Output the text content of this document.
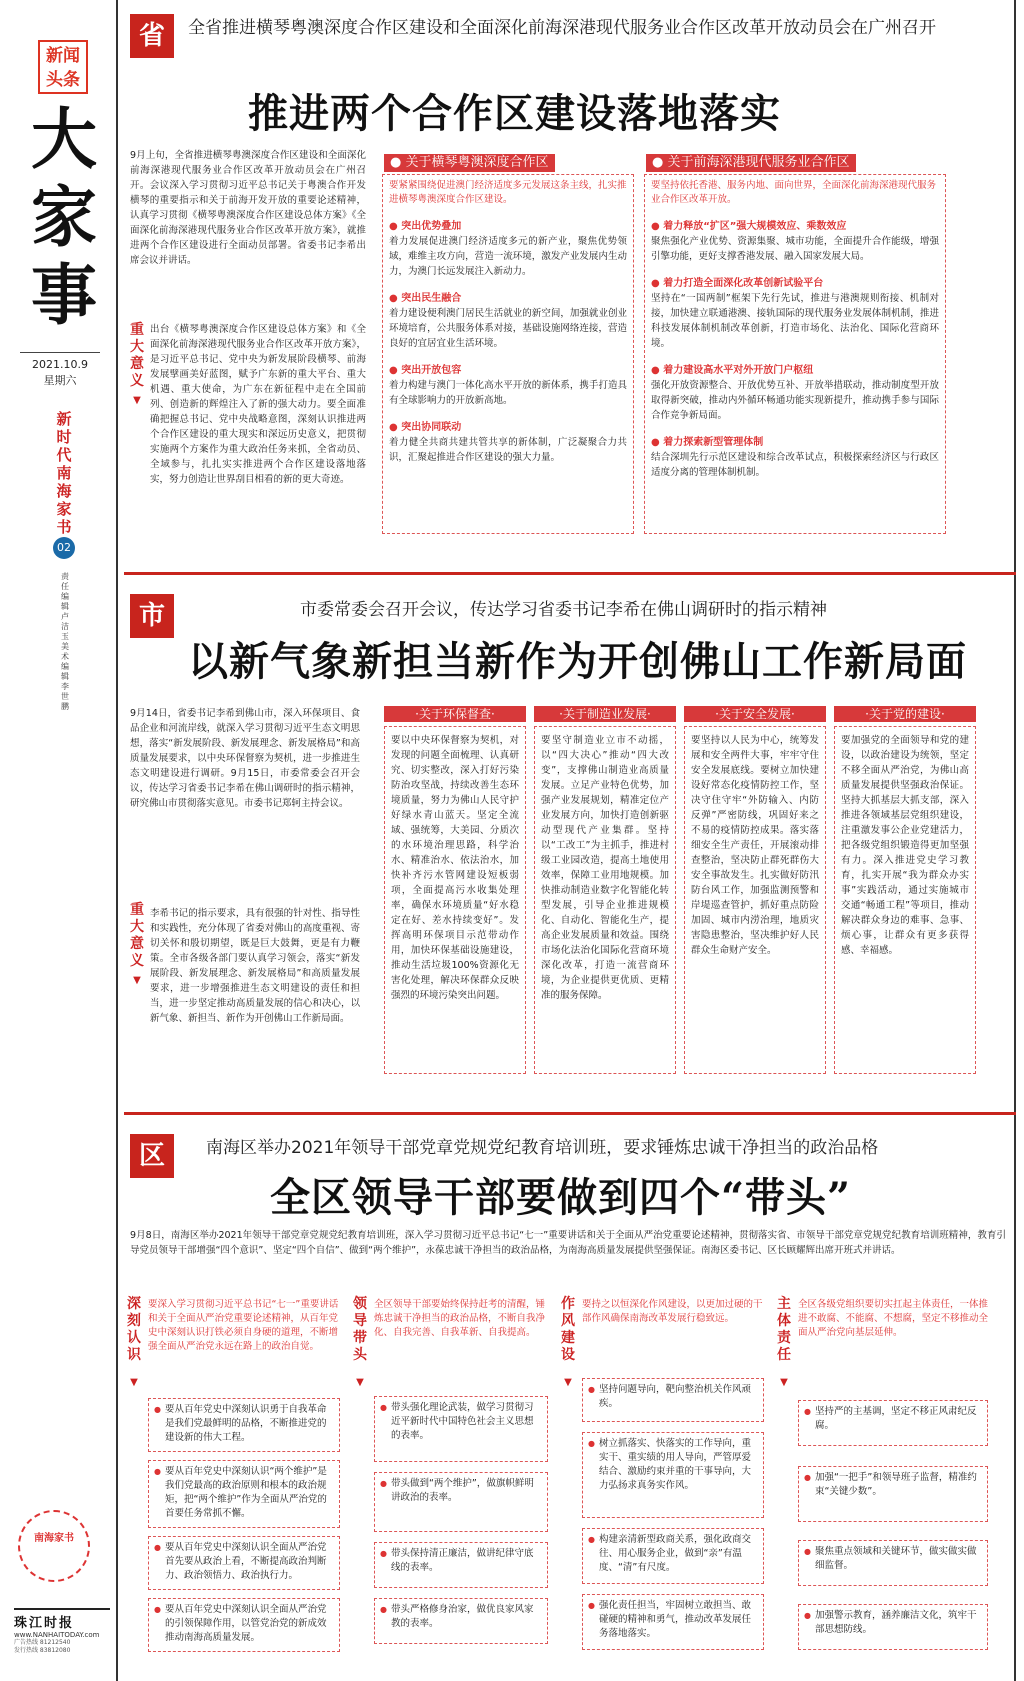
新闻
头条
大家事
2021.10.9
星期六
新时代南海家书
02
责任编辑 卢洁玉 美术编辑 李世鹏
南海家书
珠江时报
www.NANHAITODAY.com
广告热线 81212540
发行热线 83812080
省	全省推进横琴粤澳深度合作区建设和全面深化前海深港现代服务业合作区改革开放动员会在广州召开
推进两个合作区建设落地落实
9月上旬，全省推进横琴粤澳深度合作区建设和全面深化前海深港现代服务业合作区改革开放动员会在广州召开。会议深入学习贯彻习近平总书记关于粤澳合作开发横琴的重要指示和关于前海开发开放的重要论述精神，认真学习贯彻《横琴粤澳深度合作区建设总体方案》《全面深化前海深港现代服务业合作区改革开放方案》，就推进两个合作区建设进行全面动员部署。省委书记李希出席会议并讲话。
重大意义
▼
出台《横琴粤澳深度合作区建设总体方案》和《全面深化前海深港现代服务业合作区改革开放方案》，是习近平总书记、党中央为新发展阶段横琴、前海发展擘画美好蓝图，赋予广东新的重大平台、重大机遇、重大使命，为广东在新征程中走在全国前列、创造新的辉煌注入了新的强大动力。要全面准确把握总书记、党中央战略意图，深刻认识推进两个合作区建设的重大现实和深远历史意义，把贯彻实施两个方案作为重大政治任务来抓，全省动员、全域参与，扎扎实实推进两个合作区建设落地落实，努力创造让世界刮目相看的新的更大奇迹。
● 关于横琴粤澳深度合作区
要紧紧围绕促进澳门经济适度多元发展这条主线，扎实推进横琴粤澳深度合作区建设。
● 突出优势叠加
着力发展促进澳门经济适度多元的新产业，聚焦优势领域，难维主攻方向，营造一流环境，激发产业发展内生动力，为澳门长远发展注入新动力。
● 突出民生融合
着力建设便利澳门居民生活就业的新空间，加强就业创业环境培育，公共服务体系对接，基础设施网络连接，营造良好的宜居宜业生活环境。
● 突出开放包容
着力构建与澳门一体化高水平开放的新体系，携手打造具有全球影响力的开放新高地。
● 突出协同联动
着力健全共商共建共管共享的新体制，广泛凝聚合力共识，汇聚起推进合作区建设的强大力量。
● 关于前海深港现代服务业合作区
要坚持依托香港、服务内地、面向世界，全面深化前海深港现代服务业合作区改革开放。
● 着力释放“扩区”强大规模效应、乘数效应
聚焦强化产业优势、资源集聚、城市功能，全面提升合作能级，增强引擎功能，更好支撑香港发展、融入国家发展大局。
● 着力打造全面深化改革创新试验平台
坚持在“一国两制”框架下先行先试，推进与港澳规则衔接、机制对接，加快建立联通港澳、接轨国际的现代服务业发展体制机制，推进科技发展体制机制改革创新，打造市场化、法治化、国际化营商环境。
● 着力建设高水平对外开放门户枢纽
强化开放资源整合、开放优势互补、开放举措联动，推动制度型开放取得新突破，推动内外循环畅通功能实现新提升，推动携手参与国际合作竞争新局面。
● 着力探索新型管理体制
结合深圳先行示范区建设和综合改革试点，积极探索经济区与行政区适度分离的管理体制机制。
市	市委常委会召开会议，传达学习省委书记李希在佛山调研时的指示精神
以新气象新担当新作为开创佛山工作新局面
9月14日，省委书记李希到佛山市，深入环保项目、食品企业和河流岸线，就深入学习贯彻习近平生态文明思想，落实“新发展阶段、新发展理念、新发展格局”和高质量发展要求，以中央环保督察为契机，进一步推进生态文明建设进行调研。9月15日，市委常委会召开会议，传达学习省委书记李希在佛山调研时的指示精神，研究佛山市贯彻落实意见。市委书记郑轲主持会议。
重大意义
▼
李希书记的指示要求，具有很强的针对性、指导性和实践性，充分体现了省委对佛山的高度重视、寄切关怀和殷切期望，既是巨大鼓舞，更是有力鞭策。全市各级各部门要认真学习领会，落实“新发展阶段、新发展理念、新发展格局”和高质量发展要求，进一步增强推进生态文明建设的责任和担当，进一步坚定推动高质量发展的信心和决心，以新气象、新担当、新作为开创佛山工作新局面。
·关于环保督查·
要以中央环保督察为契机，对发现的问题全面梳理、认真研究、切实整改，深入打好污染防治攻坚战，持续改善生态环境质量，努力为佛山人民守护好绿水青山蓝天。坚定全流域、强统筹，大美园、分质次的水环境治理思路，科学治水、精准治水、依法治水，加快补齐污水管网建设短板弱项，全面提高污水收集处理率，确保水环境质量“好水稳定在好、差水持续变好”。发挥高明环保项目示范带动作用，加快环保基础设施建设，推动生活垃圾100%资源化无害化处理，解决环保群众反映强烈的环境污染突出问题。
·关于制造业发展·
要坚守制造业立市不动摇，以“四大决心”推动“四大改变”，支撑佛山制造业高质量发展。立足产业特色优势，加强产业发展规划，精准定位产业发展方向，加快打造创新驱动型现代产业集群。坚持以“工改工”为主抓手，推进村级工业园改造，提高土地使用效率，保障工业用地规模。加快推动制造业数字化智能化转型发展，引导企业推进规模化、自动化、智能化生产，提高企业发展质量和效益。围绕市场化法治化国际化营商环境深化改革，打造一流营商环境，为企业提供更优质、更精准的服务保障。
·关于安全发展·
要坚持以人民为中心，统筹发展和安全两件大事，牢牢守住安全发展底线。要树立加快建设好常态化疫情防控工作，坚决守住守牢“外防输入、内防反弹”严密防线，巩固好来之不易的疫情防控成果。落实落细安全生产责任，开展滚动排查整治，坚决防止群死群伤大安全事故发生。扎实做好防汛防台风工作，加强监测预警和岸堤巡查管护，抓好重点防险加固、城市内涝治理，地质灾害隐患整治，坚决维护好人民群众生命财产安全。
·关于党的建设·
要加强党的全面领导和党的建设，以政治建设为统领，坚定不移全面从严治党，为佛山高质量发展提供坚强政治保证。坚持大抓基层大抓支部，深入推进各领域基层党组织建设，注重激发事公企业党建活力，把各级党组织锻造得更加坚强有力。深入推进党史学习教育，扎实开展“我为群众办实事”实践活动，通过实施城市交通“畅通工程”等项目，推动解决群众身边的难事、急事、烦心事，让群众有更多获得感、幸福感。
区	南海区举办2021年领导干部党章党规党纪教育培训班，要求锤炼忠诚干净担当的政治品格
全区领导干部要做到四个“带头”
9月8日，南海区举办2021年领导干部党章党规党纪教育培训班，深入学习贯彻习近平总书记“七一”重要讲话和关于全面从严治党重要论述精神，贯彻落实省、市领导干部党章党规党纪教育培训班精神，教育引导党员领导干部增强“四个意识”、坚定“四个自信”、做到“两个维护”，永葆忠诚干净担当的政治品格，为南海高质量发展提供坚强保证。南海区委书记、区长顾耀辉出席开班式并讲话。
深刻认识
▼
要深入学习贯彻习近平总书记“七一”重要讲话和关于全面从严治党重要论述精神，从百年党史中深刻认识打铁必须自身硬的道理，不断增强全面从严治党永远在路上的政治自觉。
● 要从百年党史中深刻认识勇于自我革命是我们党最鲜明的品格，不断推进党的建设新的伟大工程。
● 要从百年党史中深刻认识“两个维护”是我们党最高的政治原则和根本的政治规矩，把“两个维护”作为全面从严治党的首要任务常抓不懈。
● 要从百年党史中深刻认识全面从严治党首先要从政治上看，不断提高政治判断力、政治领悟力、政治执行力。
● 要从百年党史中深刻认识全面从严治党的引领保障作用，以管党治党的新成效推动南海高质量发展。
领导带头
▼
全区领导干部要始终保持赶考的清醒，锤炼忠诚干净担当的政治品格，不断自我净化、自我完善、自我革新、自我提高。
● 带头强化理论武装，做学习贯彻习近平新时代中国特色社会主义思想的表率。
● 带头做到“两个维护”，做旗帜鲜明讲政治的表率。
● 带头保持清正廉洁，做讲纪律守底线的表率。
● 带头严格修身治家，做优良家风家教的表率。
作风建设
▼
要持之以恒深化作风建设，以更加过硬的干部作风确保南海改革发展行稳致远。
● 坚持问题导向，靶向整治机关作风顽疾。
● 树立抓落实、快落实的工作导向，重实干、重实绩的用人导向，严管厚爱结合、激励约束并重的干事导向，大力弘扬求真务实作风。
● 构建亲清新型政商关系，强化政商交往、用心服务企业，做到“亲”有温度、“清”有尺度。
● 强化责任担当，牢固树立敢担当、敢碰硬的精神和勇气，推动改革发展任务落地落实。
主体责任
▼
全区各级党组织要切实扛起主体责任，一体推进不敢腐、不能腐、不想腐，坚定不移推动全面从严治党向基层延伸。
● 坚持严的主基调，坚定不移正风肃纪反腐。
● 加强“一把手”和领导班子监督，精准约束“关键少数”。
● 聚焦重点领域和关键环节，做实做实做细监督。
● 加强警示教育，涵养廉洁文化，筑牢干部思想防线。
